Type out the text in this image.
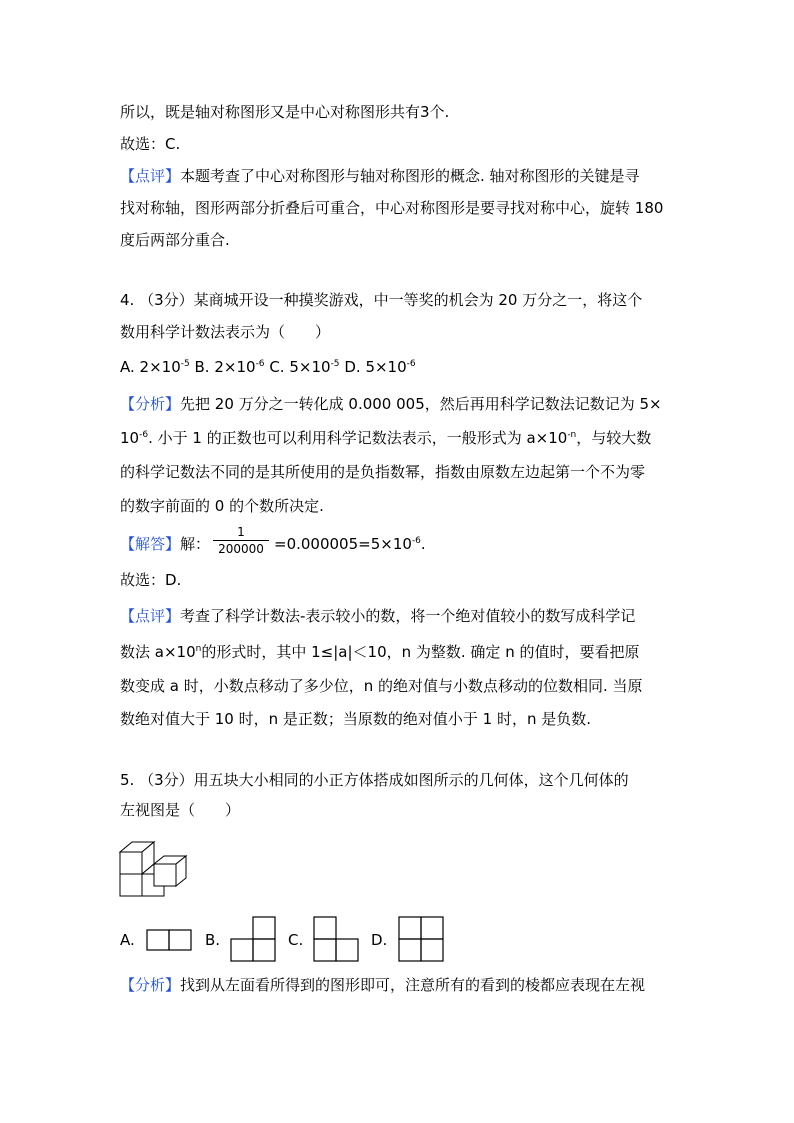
所以，既是轴对称图形又是中心对称图形共有3个.
故选：C.
【点评】本题考查了中心对称图形与轴对称图形的概念. 轴对称图形的关键是寻
找对称轴，图形两部分折叠后可重合，中心对称图形是要寻找对称中心，旋转 180
度后两部分重合.
4. （3分）某商城开设一种摸奖游戏，中一等奖的机会为 20 万分之一，将这个
数用科学计数法表示为（　　）
A. $2\times 10^{-5}$ B. $2\times 10^{-6}$ C. $5\times 10^{-5}$ D. $5\times 10^{-6}$
【分析】先把 20 万分之一转化成 0.000 005，然后再用科学记数法记数记为 5×
$10^{-6}$. 小于 1 的正数也可以利用科学记数法表示，一般形式为 $a\times 10^{-n}$，与较大数
的科学记数法不同的是其所使用的是负指数幂，指数由原数左边起第一个不为零
的数字前面的 0 的个数所决定.
【解答】解： $\frac{1}{200000} =0.000005=5\times 10^{-6}$.
故选：D.
【点评】考查了科学计数法-表示较小的数，将一个绝对值较小的数写成科学记
数法 $a\times 10^n$的形式时，其中 1≤|a|＜10，n 为整数. 确定 n 的值时，要看把原
数变成 a 时，小数点移动了多少位，n 的绝对值与小数点移动的位数相同. 当原
数绝对值大于 10 时，n 是正数；当原数的绝对值小于 1 时，n 是负数.
5. （3分）用五块大小相同的小正方体搭成如图所示的几何体，这个几何体的
左视图是（　　）
A.	B.	C.	D.
【分析】找到从左面看所得到的图形即可，注意所有的看到的棱都应表现在左视
